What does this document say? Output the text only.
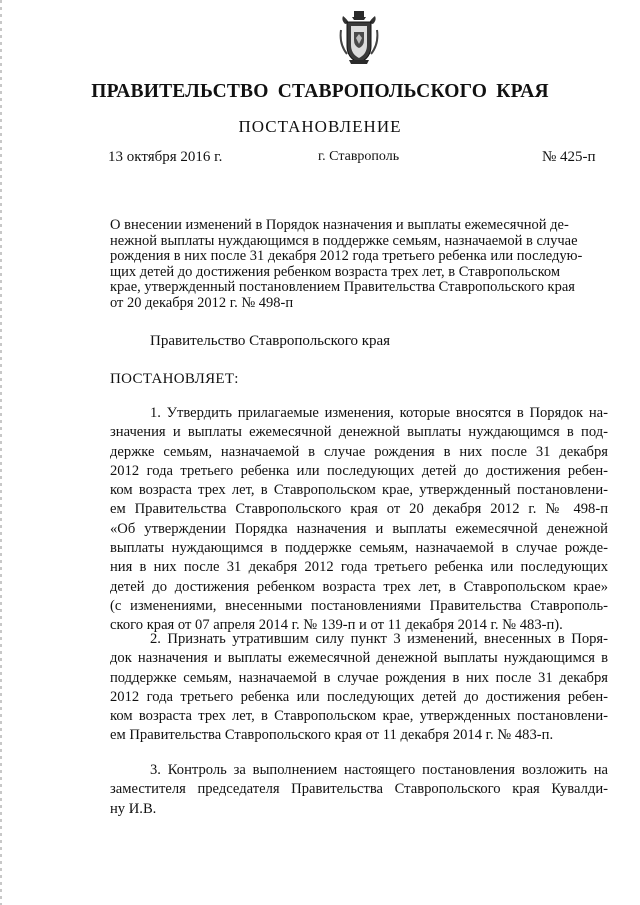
ПРАВИТЕЛЬСТВО СТАВРОПОЛЬСКОГО КРАЯ
ПОСТАНОВЛЕНИЕ
13 октября 2016 г.	г. Ставрополь	№ 425-п
О внесении изменений в Порядок назначения и выплаты ежемесячной де-
нежной выплаты нуждающимся в поддержке семьям, назначаемой в случае
рождения в них после 31 декабря 2012 года третьего ребенка или последую-
щих детей до достижения ребенком возраста трех лет, в Ставропольском
крае, утвержденный постановлением Правительства Ставропольского края
от 20 декабря 2012 г. № 498-п
Правительство Ставропольского края
ПОСТАНОВЛЯЕТ:
1. Утвердить прилагаемые изменения, которые вносятся в Порядок на-
значения и выплаты ежемесячной денежной выплаты нуждающимся в под-
держке семьям, назначаемой в случае рождения в них после 31 декабря
2012 года третьего ребенка или последующих детей до достижения ребен-
ком возраста трех лет, в Ставропольском крае, утвержденный постановлени-
ем Правительства Ставропольского края от 20 декабря 2012 г. № 498-п
«Об утверждении Порядка назначения и выплаты ежемесячной денежной
выплаты нуждающимся в поддержке семьям, назначаемой в случае рожде-
ния в них после 31 декабря 2012 года третьего ребенка или последующих
детей до достижения ребенком возраста трех лет, в Ставропольском крае»
(с изменениями, внесенными постановлениями Правительства Ставрополь-
ского края от 07 апреля 2014 г. № 139-п и от 11 декабря 2014 г. № 483-п).
2. Признать утратившим силу пункт 3 изменений, внесенных в Поря-
док назначения и выплаты ежемесячной денежной выплаты нуждающимся в
поддержке семьям, назначаемой в случае рождения в них после 31 декабря
2012 года третьего ребенка или последующих детей до достижения ребен-
ком возраста трех лет, в Ставропольском крае, утвержденных постановлени-
ем Правительства Ставропольского края от 11 декабря 2014 г. № 483-п.
3. Контроль за выполнением настоящего постановления возложить на
заместителя председателя Правительства Ставропольского края Кувалди-
ну И.В.
